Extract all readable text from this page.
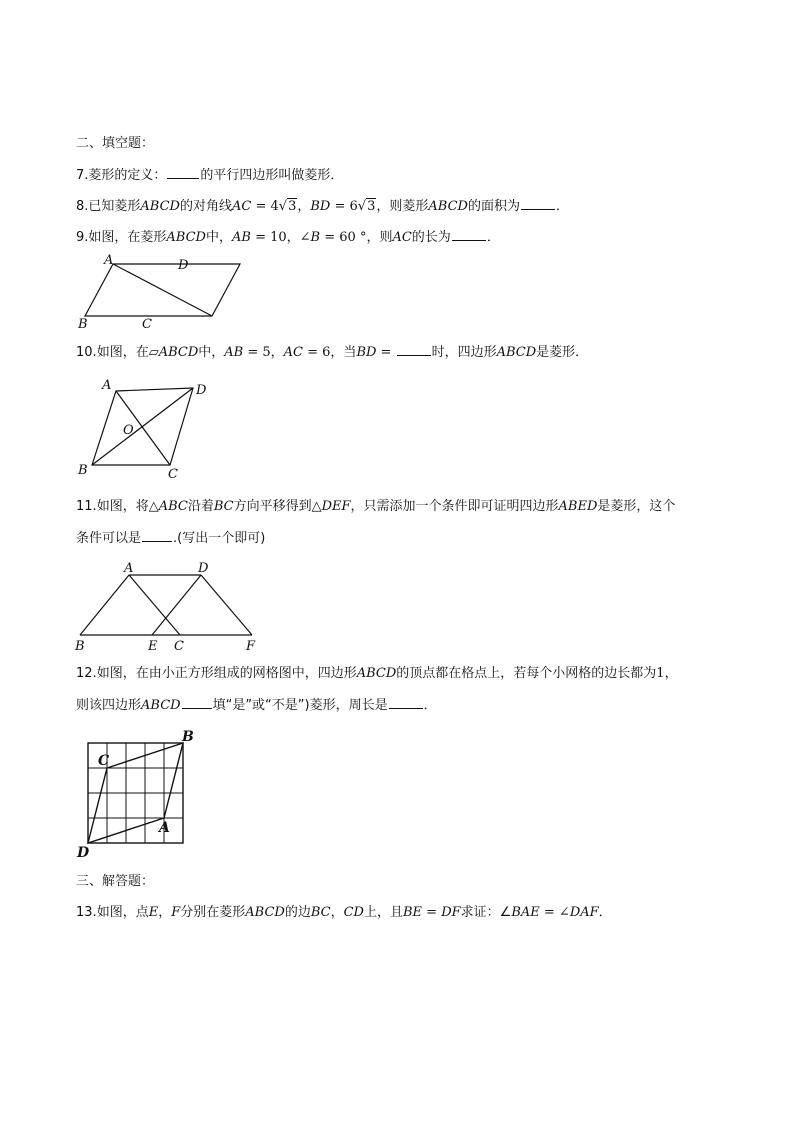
二、填空题：
7.菱形的定义：	的平行四边形叫做菱形．
8.已知菱形ABCD的对角线AC = 4√3，BD = 6√3，则菱形ABCD的面积为	．
9.如图，在菱形ABCD中，AB = 10，∠B = 60 °，则AC的长为	．
A	D
B	C
10.如图，在▱ABCD中，AB = 5，AC = 6，当BD =	时，四边形ABCD是菱形．
A	D
O
B	C
11.如图，将△ABC沿着BC方向平移得到△DEF，只需添加一个条件即可证明四边形ABED是菱形，这个
条件可以是 .(写出一个即可)
A	D
B	E C	F
12.如图，在由小正方形组成的网格图中，四边形ABCD的顶点都在格点上，若每个小网格的边长都为1，
则该四边形ABCD 填“是”或“不是”)菱形，周长是	．
B
C
A
D
三、解答题：
13.如图，点E，F分别在菱形ABCD的边BC，CD上，且BE = DF求证：∠BAE = ∠DAF．
